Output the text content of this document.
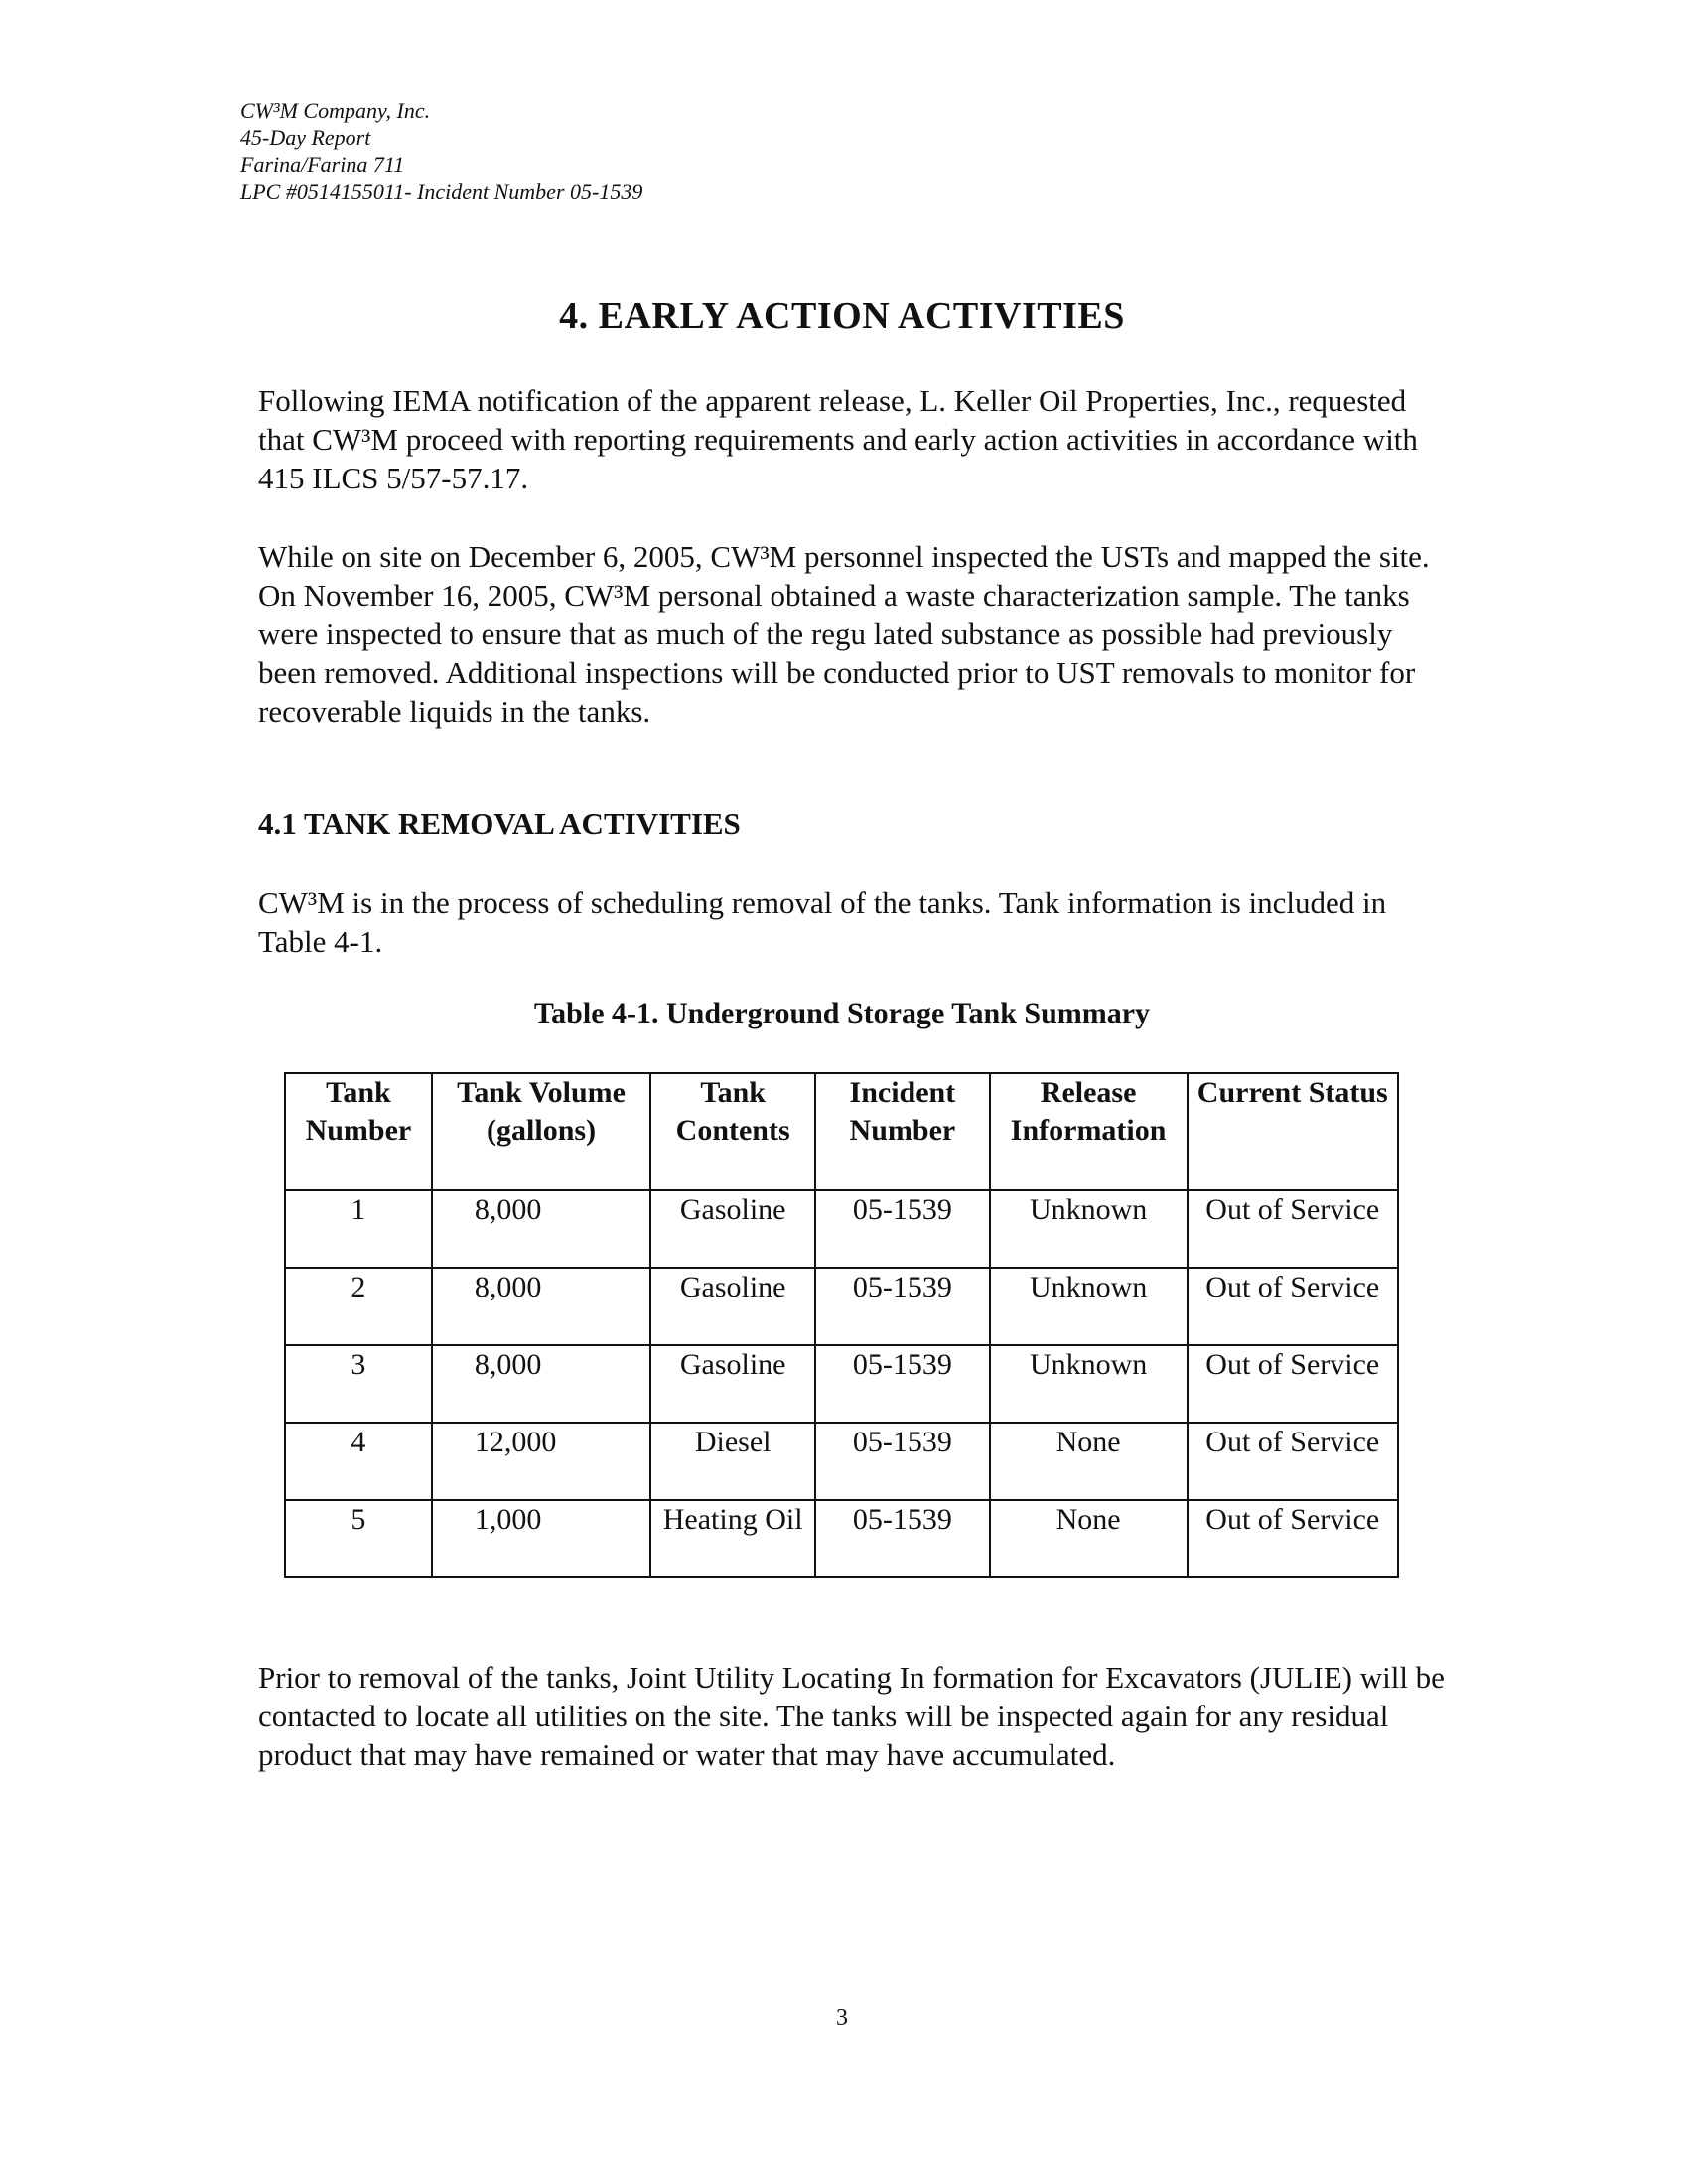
CW³M Company, Inc.
45-Day Report
Farina/Farina 711
LPC #0514155011- Incident Number 05-1539
4. EARLY ACTION ACTIVITIES

Following IEMA notification of the apparent release, L. Keller Oil Properties, Inc., requested that CW³M proceed with reporting requirements and early action activities in accordance with 415 ILCS 5/57-57.17.

While on site on December 6, 2005, CW³M personnel inspected the USTs and mapped the site. On November 16, 2005, CW³M personal obtained a waste characterization sample. The tanks were inspected to ensure that as much of the regu lated substance as possible had previously been removed. Additional inspections will be conducted prior to UST removals to monitor for recoverable liquids in the tanks.

4.1 TANK REMOVAL ACTIVITIES

CW³M is in the process of scheduling removal of the tanks. Tank information is included in Table 4-1.

Table 4-1. Underground Storage Tank Summary
Tank Number	Tank Volume (gallons)	Tank Contents	Incident Number	Release Information	Current Status
1	8,000	Gasoline	05-1539	Unknown	Out of Service
2	8,000	Gasoline	05-1539	Unknown	Out of Service
3	8,000	Gasoline	05-1539	Unknown	Out of Service
4	12,000	Diesel	05-1539	None	Out of Service
5	1,000	Heating Oil	05-1539	None	Out of Service

Prior to removal of the tanks, Joint Utility Locating In formation for Excavators (JULIE) will be contacted to locate all utilities on the site. The tanks will be inspected again for any residual product that may have remained or water that may have accumulated.

3
